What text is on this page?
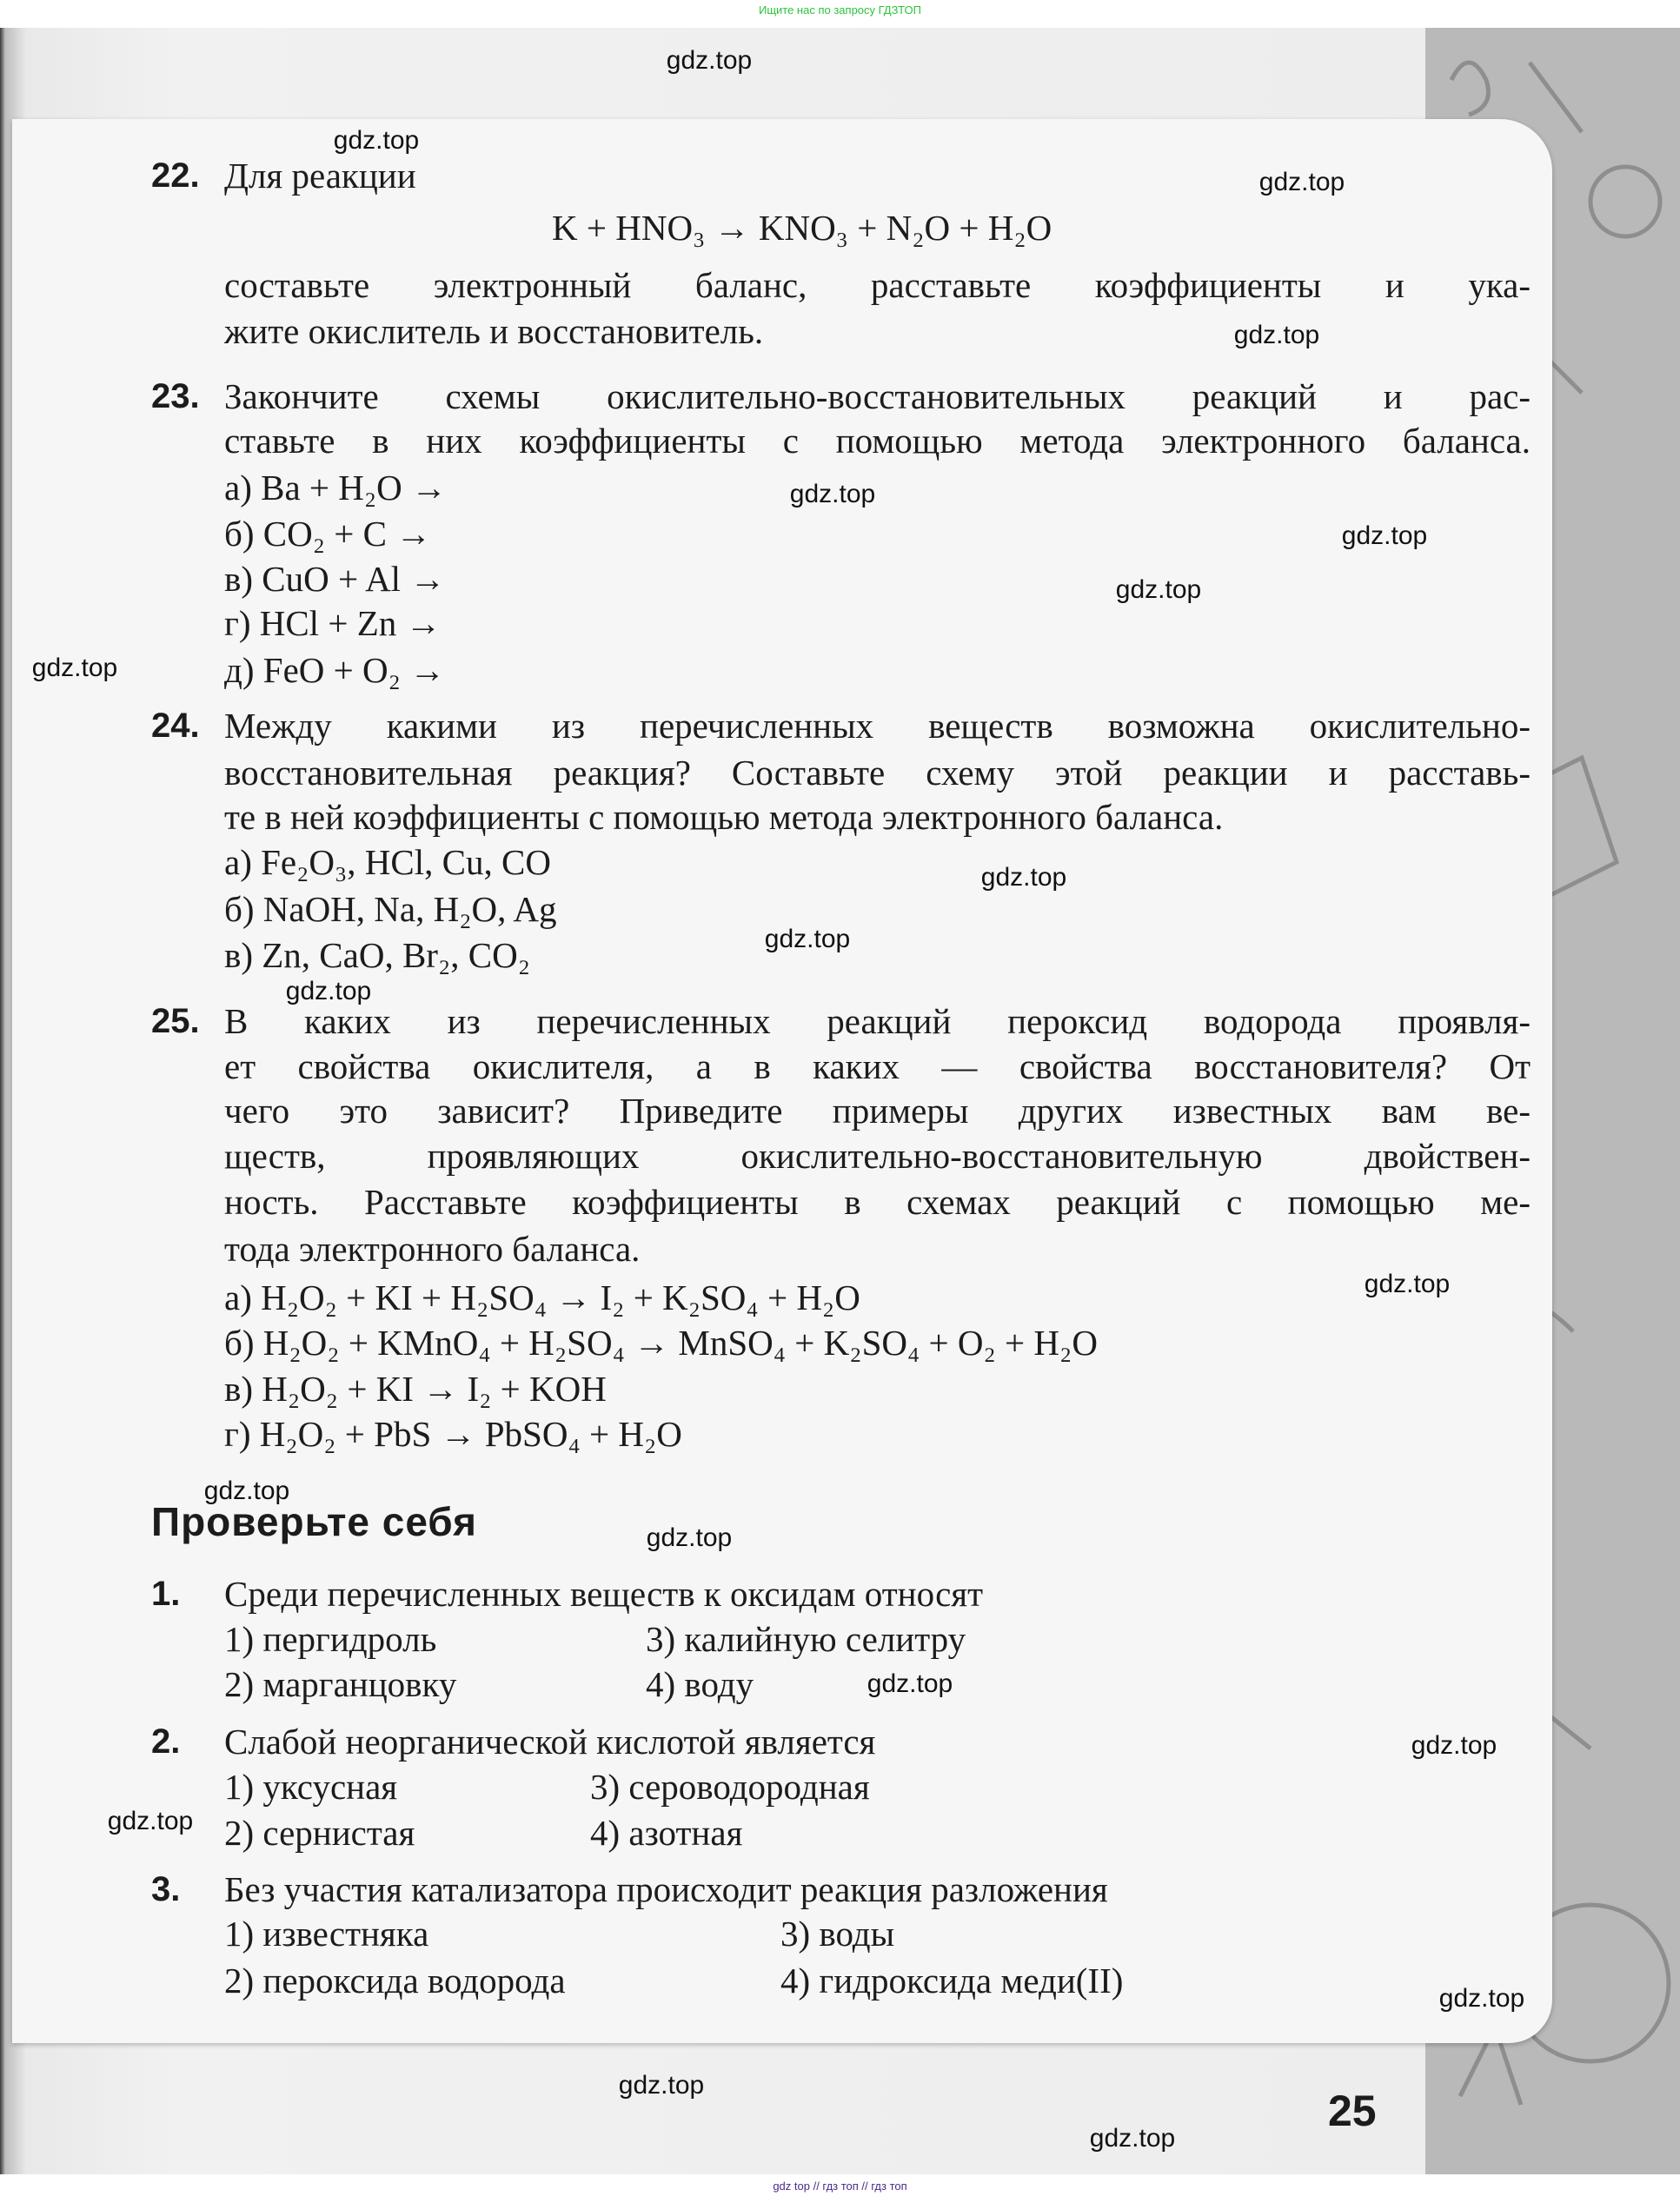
Ищите нас по запросу ГДЗТОП
22. Для реакции
K + HNO₃ → KNO₃ + N₂O + H₂O
составьте электронный баланс, расставьте коэффициенты и ука-
жите окислитель и восстановитель.
23. Закончите схемы окислительно-восстановительных реакций и рас-
ставьте в них коэффициенты с помощью метода электронного баланса.
а) Ba + H₂O →
б) CO₂ + C →
в) CuO + Al →
г) HCl + Zn →
д) FeO + O₂ →
24. Между какими из перечисленных веществ возможна окислительно-
восстановительная реакция? Составьте схему этой реакции и расставь-
те в ней коэффициенты с помощью метода электронного баланса.
а) Fe₂O₃, HCl, Cu, CO
б) NaOH, Na, H₂O, Ag
в) Zn, CaO, Br₂, CO₂
25. В каких из перечисленных реакций пероксид водорода проявля-
ет свойства окислителя, а в каких — свойства восстановителя? От
чего это зависит? Приведите примеры других известных вам ве-
ществ, проявляющих окислительно-восстановительную двойствен-
ность. Расставьте коэффициенты в схемах реакций с помощью ме-
тода электронного баланса.
а) H₂O₂ + KI + H₂SO₄ → I₂ + K₂SO₄ + H₂O
б) H₂O₂ + KMnO₄ + H₂SO₄ → MnSO₄ + K₂SO₄ + O₂ + H₂O
в) H₂O₂ + KI → I₂ + KOH
г) H₂O₂ + PbS → PbSO₄ + H₂O
Проверьте себя
1. Среди перечисленных веществ к оксидам относят
1) пергидроль
2) марганцовку
3) калийную селитру
4) воду
2. Слабой неорганической кислотой является
1) уксусная
2) сернистая
3) сероводородная
4) азотная
3. Без участия катализатора происходит реакция разложения
1) известняка
2) пероксида водорода
3) воды
4) гидроксида меди(II)
25
gdz.top
gdz.top
gdz.top
gdz.top
gdz.top
gdz.top
gdz.top
gdz.top
gdz.top
gdz.top
gdz.top
gdz.top
gdz.top
gdz.top
gdz.top
gdz.top
gdz.top
gdz.top
gdz.top
gdz.top
gdz top // гдз топ // гдз топ
